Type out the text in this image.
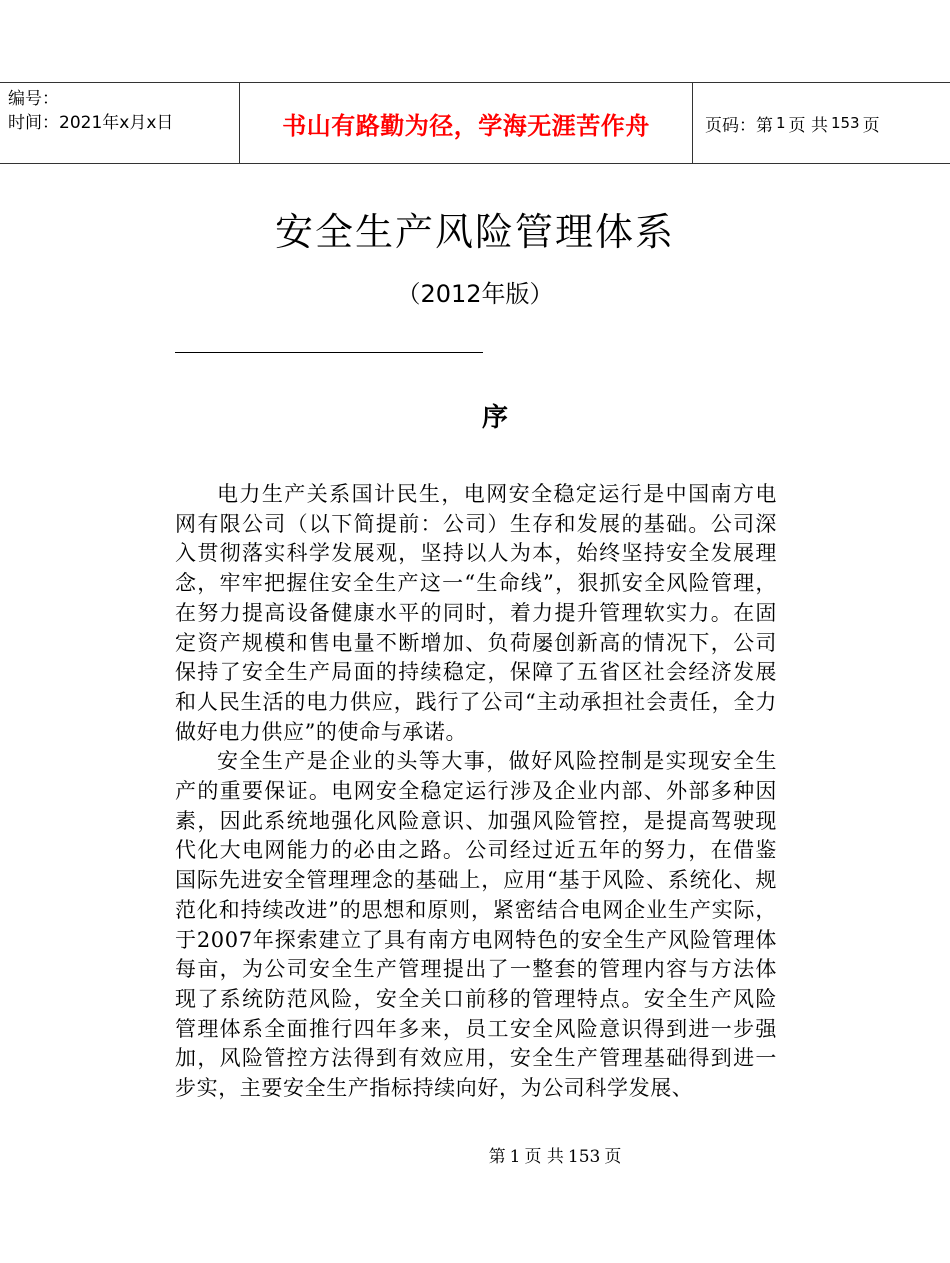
编号：
时间：2021年x月x日	书山有路勤为径，学海无涯苦作舟	页码：第 1 页 共 153 页
安全生产风险管理体系
（2012年版）
序

电力生产关系国计民生，电网安全稳定运行是中国南方电网有限公司（以下简提前：公司）生存和发展的基础。公司深入贯彻落实科学发展观，坚持以人为本，始终坚持安全发展理念，牢牢把握住安全生产这一“生命线”，狠抓安全风险管理，在努力提高设备健康水平的同时，着力提升管理软实力。在固定资产规模和售电量不断增加、负荷屡创新高的情况下，公司保持了安全生产局面的持续稳定，保障了五省区社会经济发展和人民生活的电力供应，践行了公司“主动承担社会责任，全力做好电力供应”的使命与承诺。

安全生产是企业的头等大事，做好风险控制是实现安全生产的重要保证。电网安全稳定运行涉及企业内部、外部多种因素，因此系统地强化风险意识、加强风险管控，是提高驾驶现代化大电网能力的必由之路。公司经过近五年的努力，在借鉴国际先进安全管理理念的基础上，应用“基于风险、系统化、规范化和持续改进”的思想和原则，紧密结合电网企业生产实际，于2007年探索建立了具有南方电网特色的安全生产风险管理体每亩，为公司安全生产管理提出了一整套的管理内容与方法体现了系统防范风险，安全关口前移的管理特点。安全生产风险管理体系全面推行四年多来，员工安全风险意识得到进一步强加，风险管控方法得到有效应用，安全生产管理基础得到进一步实，主要安全生产指标持续向好，为公司科学发展、

第 1 页 共 153 页
